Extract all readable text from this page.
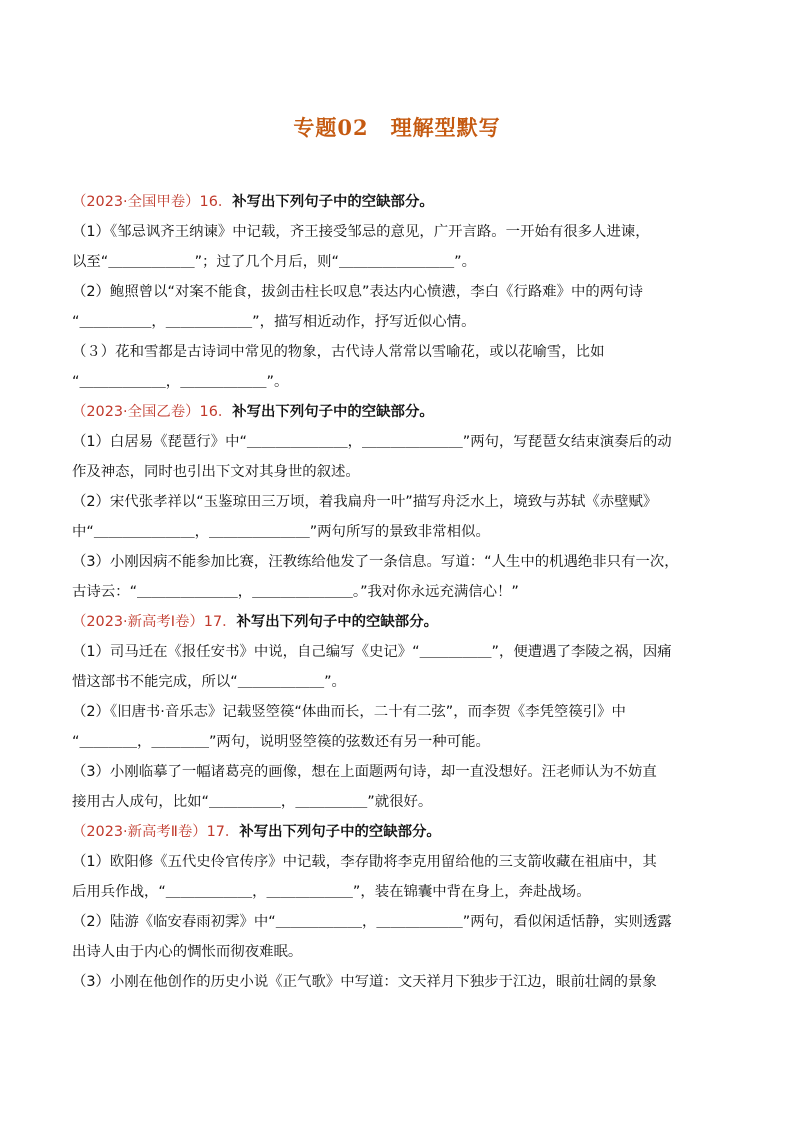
专题02　理解型默写
（2023·全国甲卷）16．补写出下列句子中的空缺部分。
（1）《邹忌讽齐王纳谏》中记载，齐王接受邹忌的意见，广开言路。一开始有很多人进谏，
以至“＿＿＿＿＿＿”；过了几个月后，则“＿＿＿＿＿＿＿＿”。
（2）鲍照曾以“对案不能食，拔剑击柱长叹息”表达内心愤懑，李白《行路难》中的两句诗
“＿＿＿＿＿，＿＿＿＿＿＿”，描写相近动作，抒写近似心情。
（３）花和雪都是古诗词中常见的物象，古代诗人常常以雪喻花，或以花喻雪，比如
“＿＿＿＿＿＿，＿＿＿＿＿＿”。
（2023·全国乙卷）16．补写出下列句子中的空缺部分。
（1）白居易《琵琶行》中“＿＿＿＿＿＿＿，＿＿＿＿＿＿＿”两句，写琵琶女结束演奏后的动
作及神态，同时也引出下文对其身世的叙述。
（2）宋代张孝祥以“玉鉴琼田三万顷，着我扁舟一叶”描写舟泛水上，境致与苏轼《赤壁赋》
中“＿＿＿＿＿＿＿，＿＿＿＿＿＿＿”两句所写的景致非常相似。
（3）小刚因病不能参加比赛，汪教练给他发了一条信息。写道：“人生中的机遇绝非只有一次，
古诗云：“＿＿＿＿＿＿＿，＿＿＿＿＿＿＿。”我对你永远充满信心！”
（2023·新高考Ⅰ卷）17．补写出下列句子中的空缺部分。
（1）司马迁在《报任安书》中说，自己编写《史记》“＿＿＿＿＿”，便遭遇了李陵之祸，因痛
惜这部书不能完成，所以“＿＿＿＿＿＿”。
（2）《旧唐书·音乐志》记载竖箜篌“体曲而长，二十有二弦”，而李贺《李凭箜篌引》中
“＿＿＿＿，＿＿＿＿”两句，说明竖箜篌的弦数还有另一种可能。
（3）小刚临摹了一幅诸葛亮的画像，想在上面题两句诗，却一直没想好。汪老师认为不妨直
接用古人成句，比如“＿＿＿＿＿，＿＿＿＿＿”就很好。
（2023·新高考Ⅱ卷）17．补写出下列句子中的空缺部分。
（1）欧阳修《五代史伶官传序》中记载，李存勖将李克用留给他的三支箭收藏在祖庙中，其
后用兵作战，“＿＿＿＿＿＿，＿＿＿＿＿＿”，装在锦囊中背在身上，奔赴战场。
（2）陆游《临安春雨初霁》中“＿＿＿＿＿＿，＿＿＿＿＿＿”两句，看似闲适恬静，实则透露
出诗人由于内心的惆怅而彻夜难眠。
（3）小刚在他创作的历史小说《正气歌》中写道：文天祥月下独步于江边，眼前壮阔的景象
